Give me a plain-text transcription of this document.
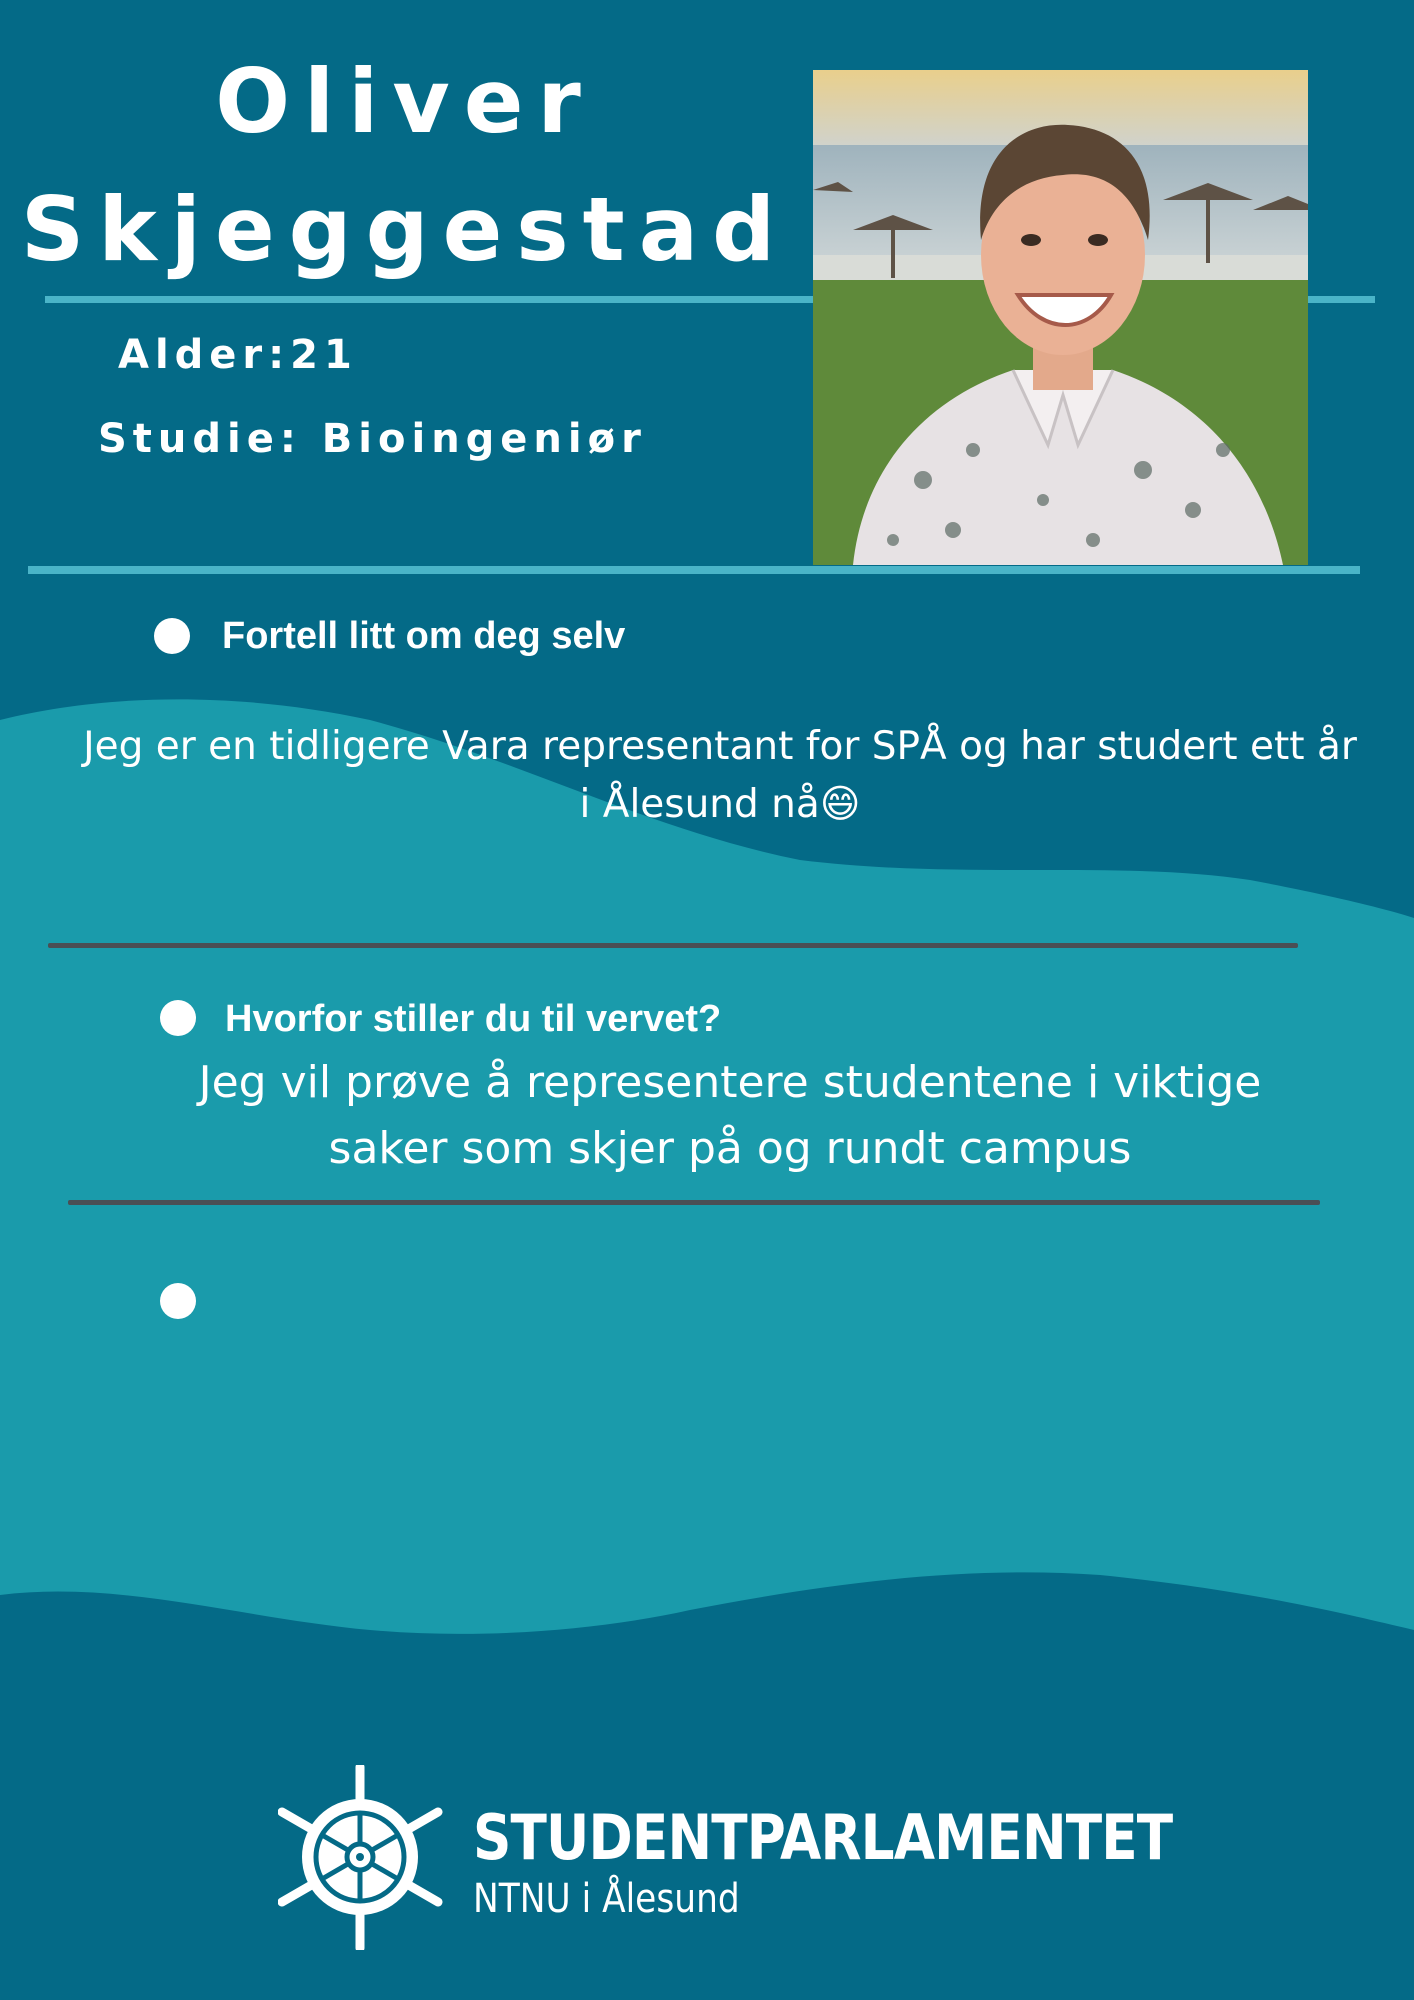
Oliver
Skjeggestad
Alder:21
Studie: Bioingeniør
Fortell litt om deg selv
Jeg er en tidligere Vara representant for SPÅ og har studert ett år
i Ålesund nå😄
Hvorfor stiller du til vervet?
Jeg vil prøve å representere studentene i viktige
saker som skjer på og rundt campus
STUDENTPARLAMENTET
NTNU i Ålesund
